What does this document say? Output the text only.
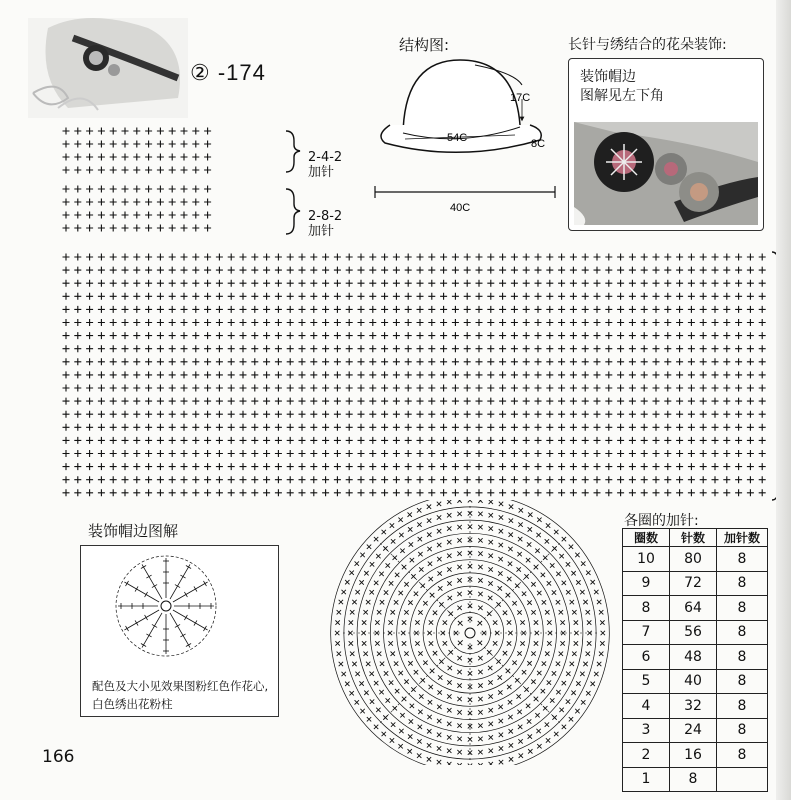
② -174
结构图:
17C
54C	8C
40C
长针与绣结合的花朵装饰:
装饰帽边
图解见左下角
2-4-2
加针
2-8-2
加针
装饰帽边图解
配色及大小见效果图粉红色作花心,
白色绣出花粉柱
各圈的加针:
圈数	针数	加针数
10	80	8
9	72	8
8	64	8
7	56	8
6	48	8
5	40	8
4	32	8
3	24	8
2	16	8
1	8	
166
